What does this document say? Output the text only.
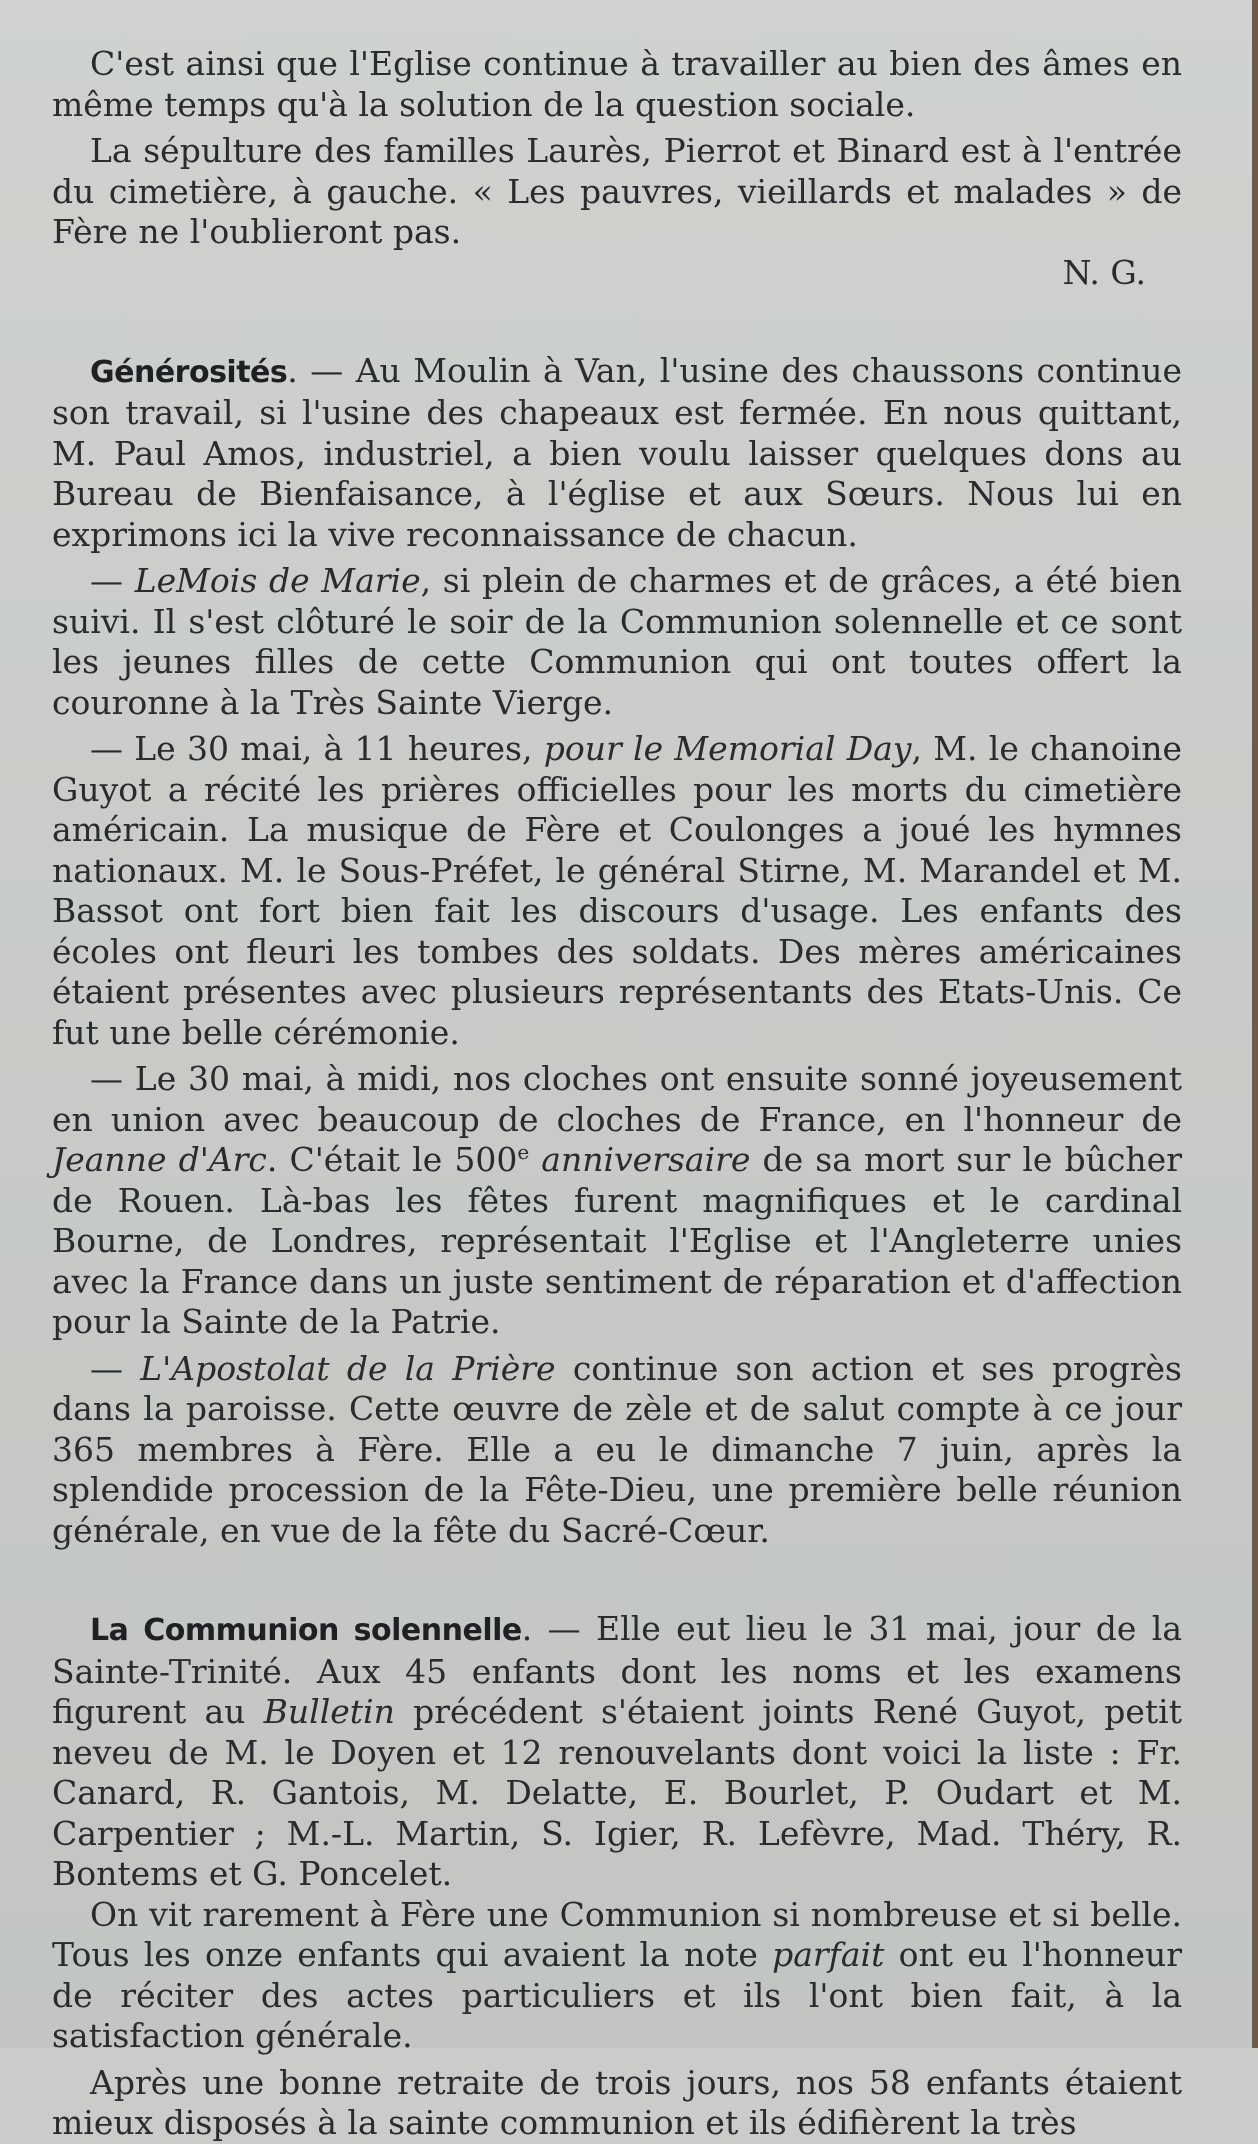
C'est ainsi que l'Eglise continue à travailler au bien des âmes en même temps qu'à la solution de la question sociale.

La sépulture des familles Laurès, Pierrot et Binard est à l'entrée du cimetière, à gauche. « Les pauvres, vieillards et malades » de Fère ne l'oublieront pas.

N. G.

Générosités. — Au Moulin à Van, l'usine des chaussons continue son travail, si l'usine des chapeaux est fermée. En nous quittant, M. Paul Amos, industriel, a bien voulu laisser quelques dons au Bureau de Bienfaisance, à l'église et aux Sœurs. Nous lui en exprimons ici la vive reconnaissance de chacun.

— LeMois de Marie, si plein de charmes et de grâces, a été bien suivi. Il s'est clôturé le soir de la Communion solennelle et ce sont les jeunes filles de cette Communion qui ont toutes offert la couronne à la Très Sainte Vierge.

— Le 30 mai, à 11 heures, pour le Memorial Day, M. le chanoine Guyot a récité les prières officielles pour les morts du cimetière américain. La musique de Fère et Coulonges a joué les hymnes nationaux. M. le Sous-Préfet, le général Stirne, M. Marandel et M. Bassot ont fort bien fait les discours d'usage. Les enfants des écoles ont fleuri les tombes des soldats. Des mères américaines étaient présentes avec plusieurs représentants des Etats-Unis. Ce fut une belle cérémonie.

— Le 30 mai, à midi, nos cloches ont ensuite sonné joyeusement en union avec beaucoup de cloches de France, en l'honneur de Jeanne d'Arc. C'était le 500e anniversaire de sa mort sur le bûcher de Rouen. Là-bas les fêtes furent magnifiques et le cardinal Bourne, de Londres, représentait l'Eglise et l'Angleterre unies avec la France dans un juste sentiment de réparation et d'affection pour la Sainte de la Patrie.

— L'Apostolat de la Prière continue son action et ses progrès dans la paroisse. Cette œuvre de zèle et de salut compte à ce jour 365 membres à Fère. Elle a eu le dimanche 7 juin, après la splendide procession de la Fête-Dieu, une première belle réunion générale, en vue de la fête du Sacré-Cœur.

La Communion solennelle. — Elle eut lieu le 31 mai, jour de la Sainte-Trinité. Aux 45 enfants dont les noms et les examens figurent au Bulletin précédent s'étaient joints René Guyot, petit neveu de M. le Doyen et 12 renouvelants dont voici la liste : Fr. Canard, R. Gantois, M. Delatte, E. Bourlet, P. Oudart et M. Carpentier ; M.-L. Martin, S. Igier, R. Lefèvre, Mad. Théry, R. Bontems et G. Poncelet.

On vit rarement à Fère une Communion si nombreuse et si belle. Tous les onze enfants qui avaient la note parfait ont eu l'honneur de réciter des actes particuliers et ils l'ont bien fait, à la satisfaction générale.

Après une bonne retraite de trois jours, nos 58 enfants étaient mieux disposés à la sainte communion et ils édifièrent la très
